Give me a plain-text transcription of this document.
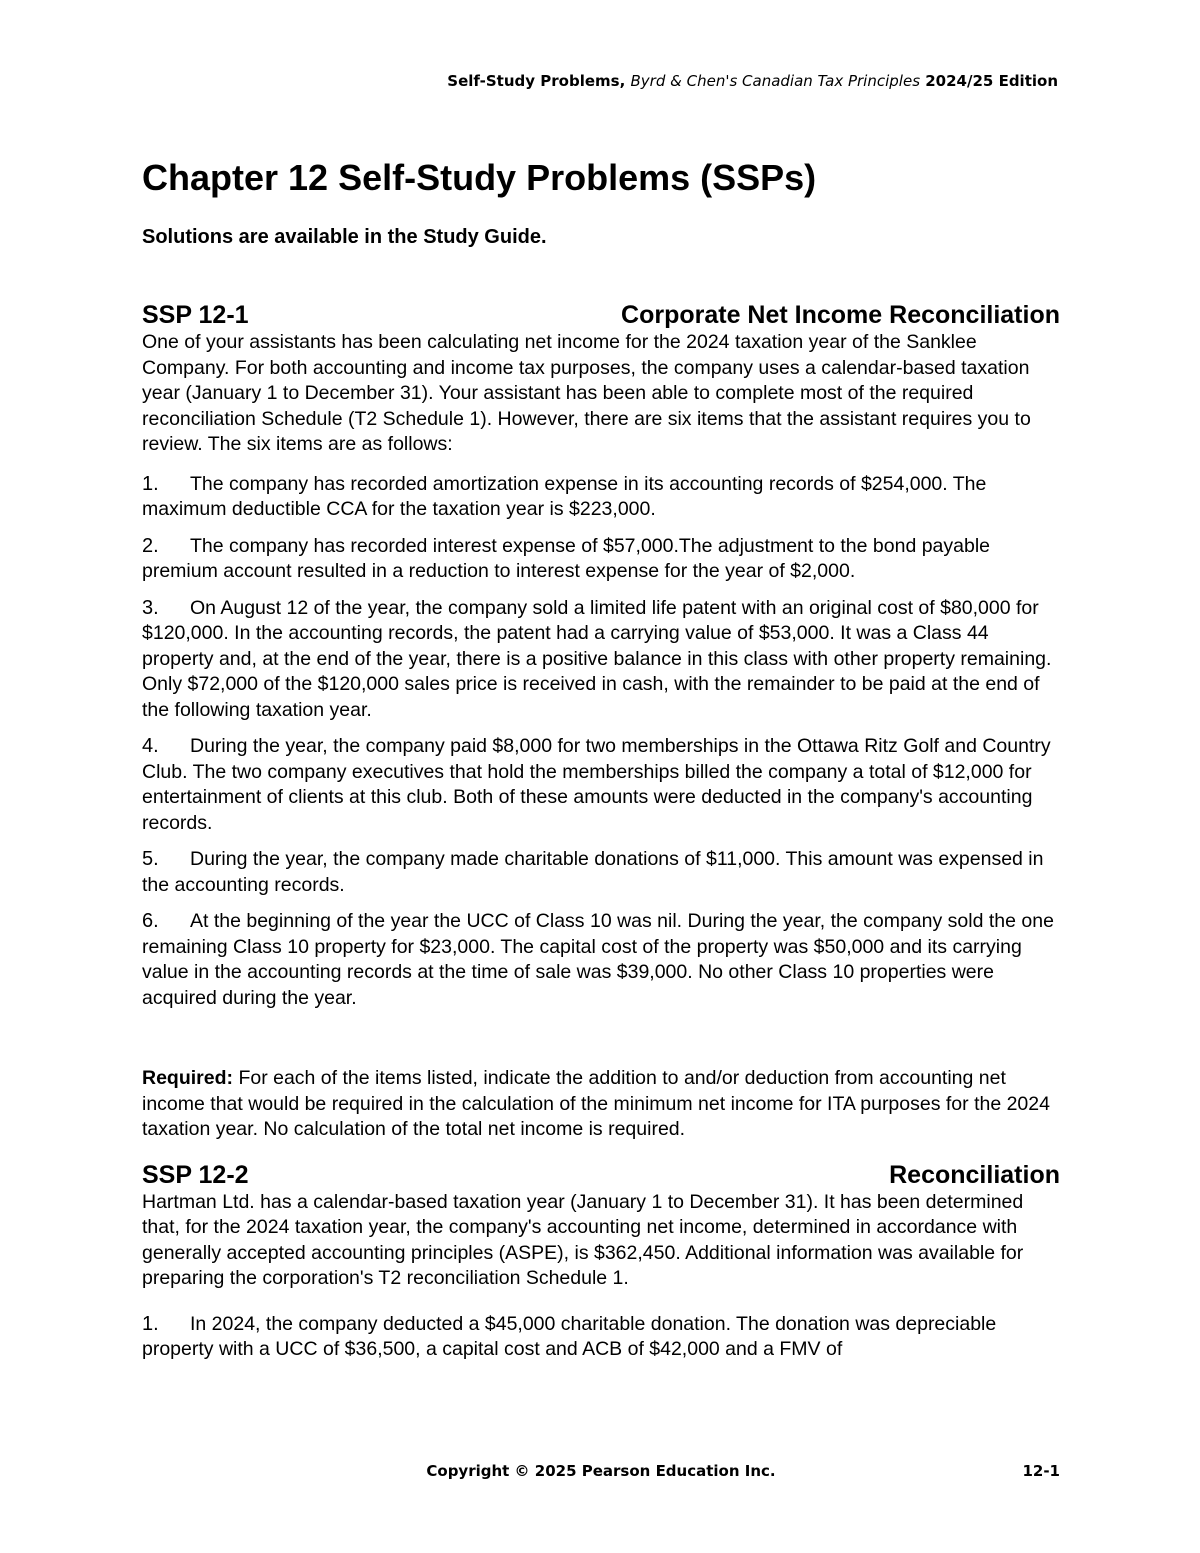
Self-Study Problems, Byrd & Chen's Canadian Tax Principles 2024/25 Edition
Chapter 12 Self-Study Problems (SSPs)

Solutions are available in the Study Guide.

SSP 12-1	Corporate Net Income Reconciliation

One of your assistants has been calculating net income for the 2024 taxation year of the Sanklee Company. For both accounting and income tax purposes, the company uses a calendar-based taxation year (January 1 to December 31). Your assistant has been able to complete most of the required reconciliation Schedule (T2 Schedule 1). However, there are six items that the assistant requires you to review. The six items are as follows:

1. The company has recorded amortization expense in its accounting records of $254,000. The maximum deductible CCA for the taxation year is $223,000.

2. The company has recorded interest expense of $57,000.The adjustment to the bond payable premium account resulted in a reduction to interest expense for the year of $2,000.

3. On August 12 of the year, the company sold a limited life patent with an original cost of $80,000 for $120,000. In the accounting records, the patent had a carrying value of $53,000. It was a Class 44 property and, at the end of the year, there is a positive balance in this class with other property remaining. Only $72,000 of the $120,000 sales price is received in cash, with the remainder to be paid at the end of the following taxation year.

4. During the year, the company paid $8,000 for two memberships in the Ottawa Ritz Golf and Country Club. The two company executives that hold the memberships billed the company a total of $12,000 for entertainment of clients at this club. Both of these amounts were deducted in the company's accounting records.

5. During the year, the company made charitable donations of $11,000. This amount was expensed in the accounting records.

6. At the beginning of the year the UCC of Class 10 was nil. During the year, the company sold the one remaining Class 10 property for $23,000. The capital cost of the property was $50,000 and its carrying value in the accounting records at the time of sale was $39,000. No other Class 10 properties were acquired during the year.

Required: For each of the items listed, indicate the addition to and/or deduction from accounting net income that would be required in the calculation of the minimum net income for ITA purposes for the 2024 taxation year. No calculation of the total net income is required.

SSP 12-2	Reconciliation

Hartman Ltd. has a calendar-based taxation year (January 1 to December 31). It has been determined that, for the 2024 taxation year, the company's accounting net income, determined in accordance with generally accepted accounting principles (ASPE), is $362,450. Additional information was available for preparing the corporation's T2 reconciliation Schedule 1.

1. In 2024, the company deducted a $45,000 charitable donation. The donation was depreciable property with a UCC of $36,500, a capital cost and ACB of $42,000 and a FMV of

Copyright © 2025 Pearson Education Inc.	12-1
